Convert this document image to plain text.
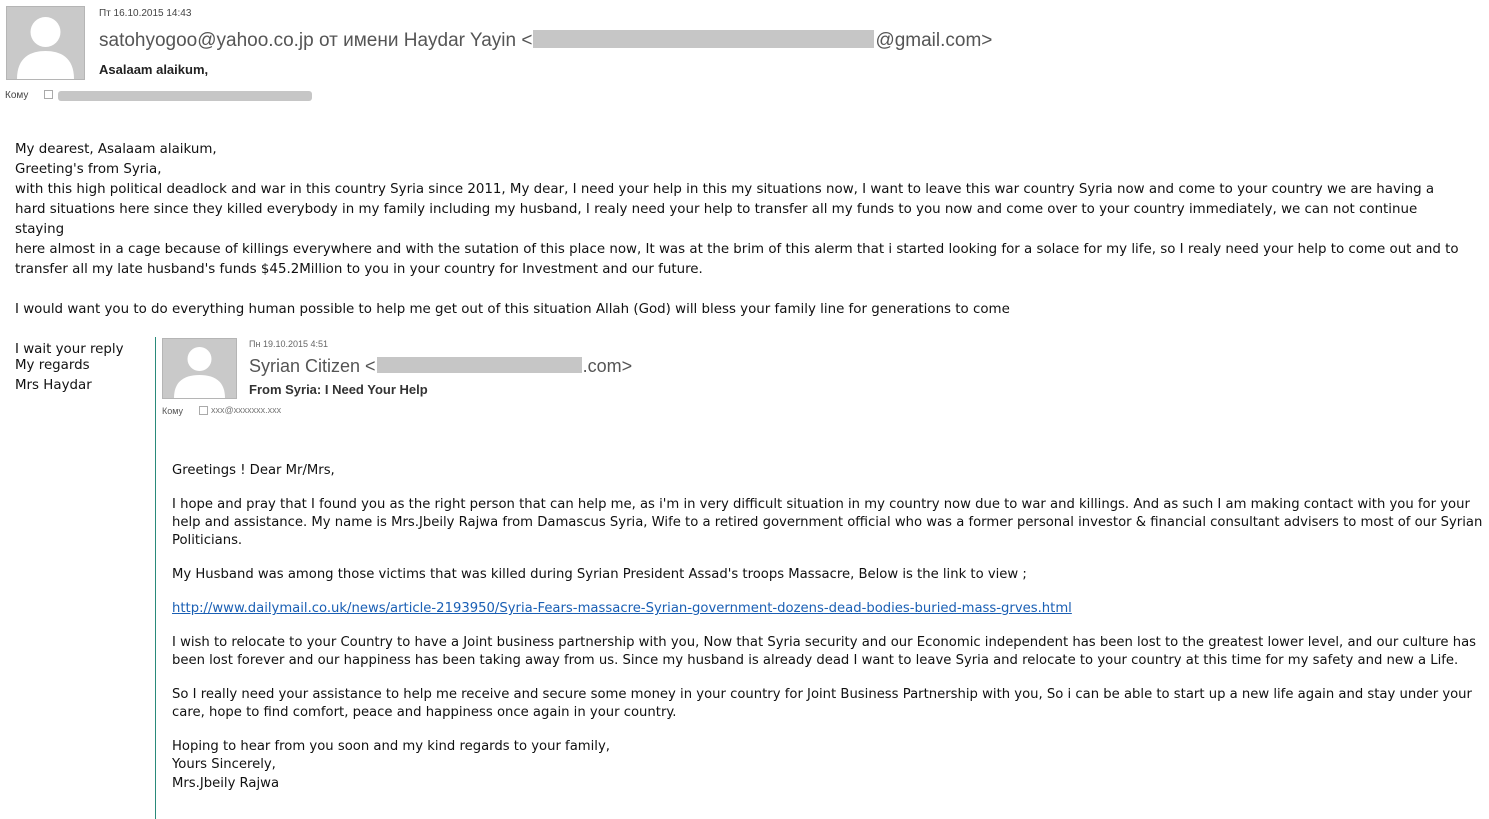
Пт 16.10.2015 14:43
satohyogoo@yahoo.co.jp от имени Haydar Yayin <	@gmail.com>
Asalaam alaikum,
Кому

My dearest, Asalaam alaikum,

Greeting's from Syria,

with this high political deadlock and war in this country Syria since 2011, My dear, I need your help in this my situations now, I want to leave this war country Syria now and come to your country we are having a

hard situations here since they killed everybody in my family including my husband, I realy need your help to transfer all my funds to you now and come over to your country immediately, we can not continue staying

here almost in a cage because of killings everywhere and with the sutation of this place now, It was at the brim of this alerm that i started looking for a solace for my life, so I realy need your help to come out and to

transfer all my late husband's funds $45.2Million to you in your country for Investment and our future.

I would want you to do everything human possible to help me get out of this situation Allah (God) will bless your family line for generations to come

I wait your reply

My regards
Mrs Haydar
Пн 19.10.2015 4:51
Syrian Citizen <	.com>
From Syria: I Need Your Help
Кому	xxx@xxxxxxx.xxx

Greetings ! Dear Mr/Mrs,

I hope and pray that I found you as the right person that can help me, as i'm in very difficult situation in my country now due to war and killings. And as such I am making contact with you for your help and assistance. My name is Mrs.Jbeily Rajwa from Damascus Syria, Wife to a retired government official who was a former personal investor & financial consultant advisers to most of our Syrian Politicians.

My Husband was among those victims that was killed during Syrian President Assad's troops Massacre, Below is the link to view ;

http://www.dailymail.co.uk/news/article-2193950/Syria-Fears-massacre-Syrian-government-dozens-dead-bodies-buried-mass-grves.html

I wish to relocate to your Country to have a Joint business partnership with you, Now that Syria security and our Economic independent has been lost to the greatest lower level, and our culture has been lost forever and our happiness has been taking away from us. Since my husband is already dead I want to leave Syria and relocate to your country at this time for my safety and new a Life.

So I really need your assistance to help me receive and secure some money in your country for Joint Business Partnership with you, So i can be able to start up a new life again and stay under your care, hope to find comfort, peace and happiness once again in your country.

Hoping to hear from you soon and my kind regards to your family,

Yours Sincerely,

Mrs.Jbeily Rajwa
